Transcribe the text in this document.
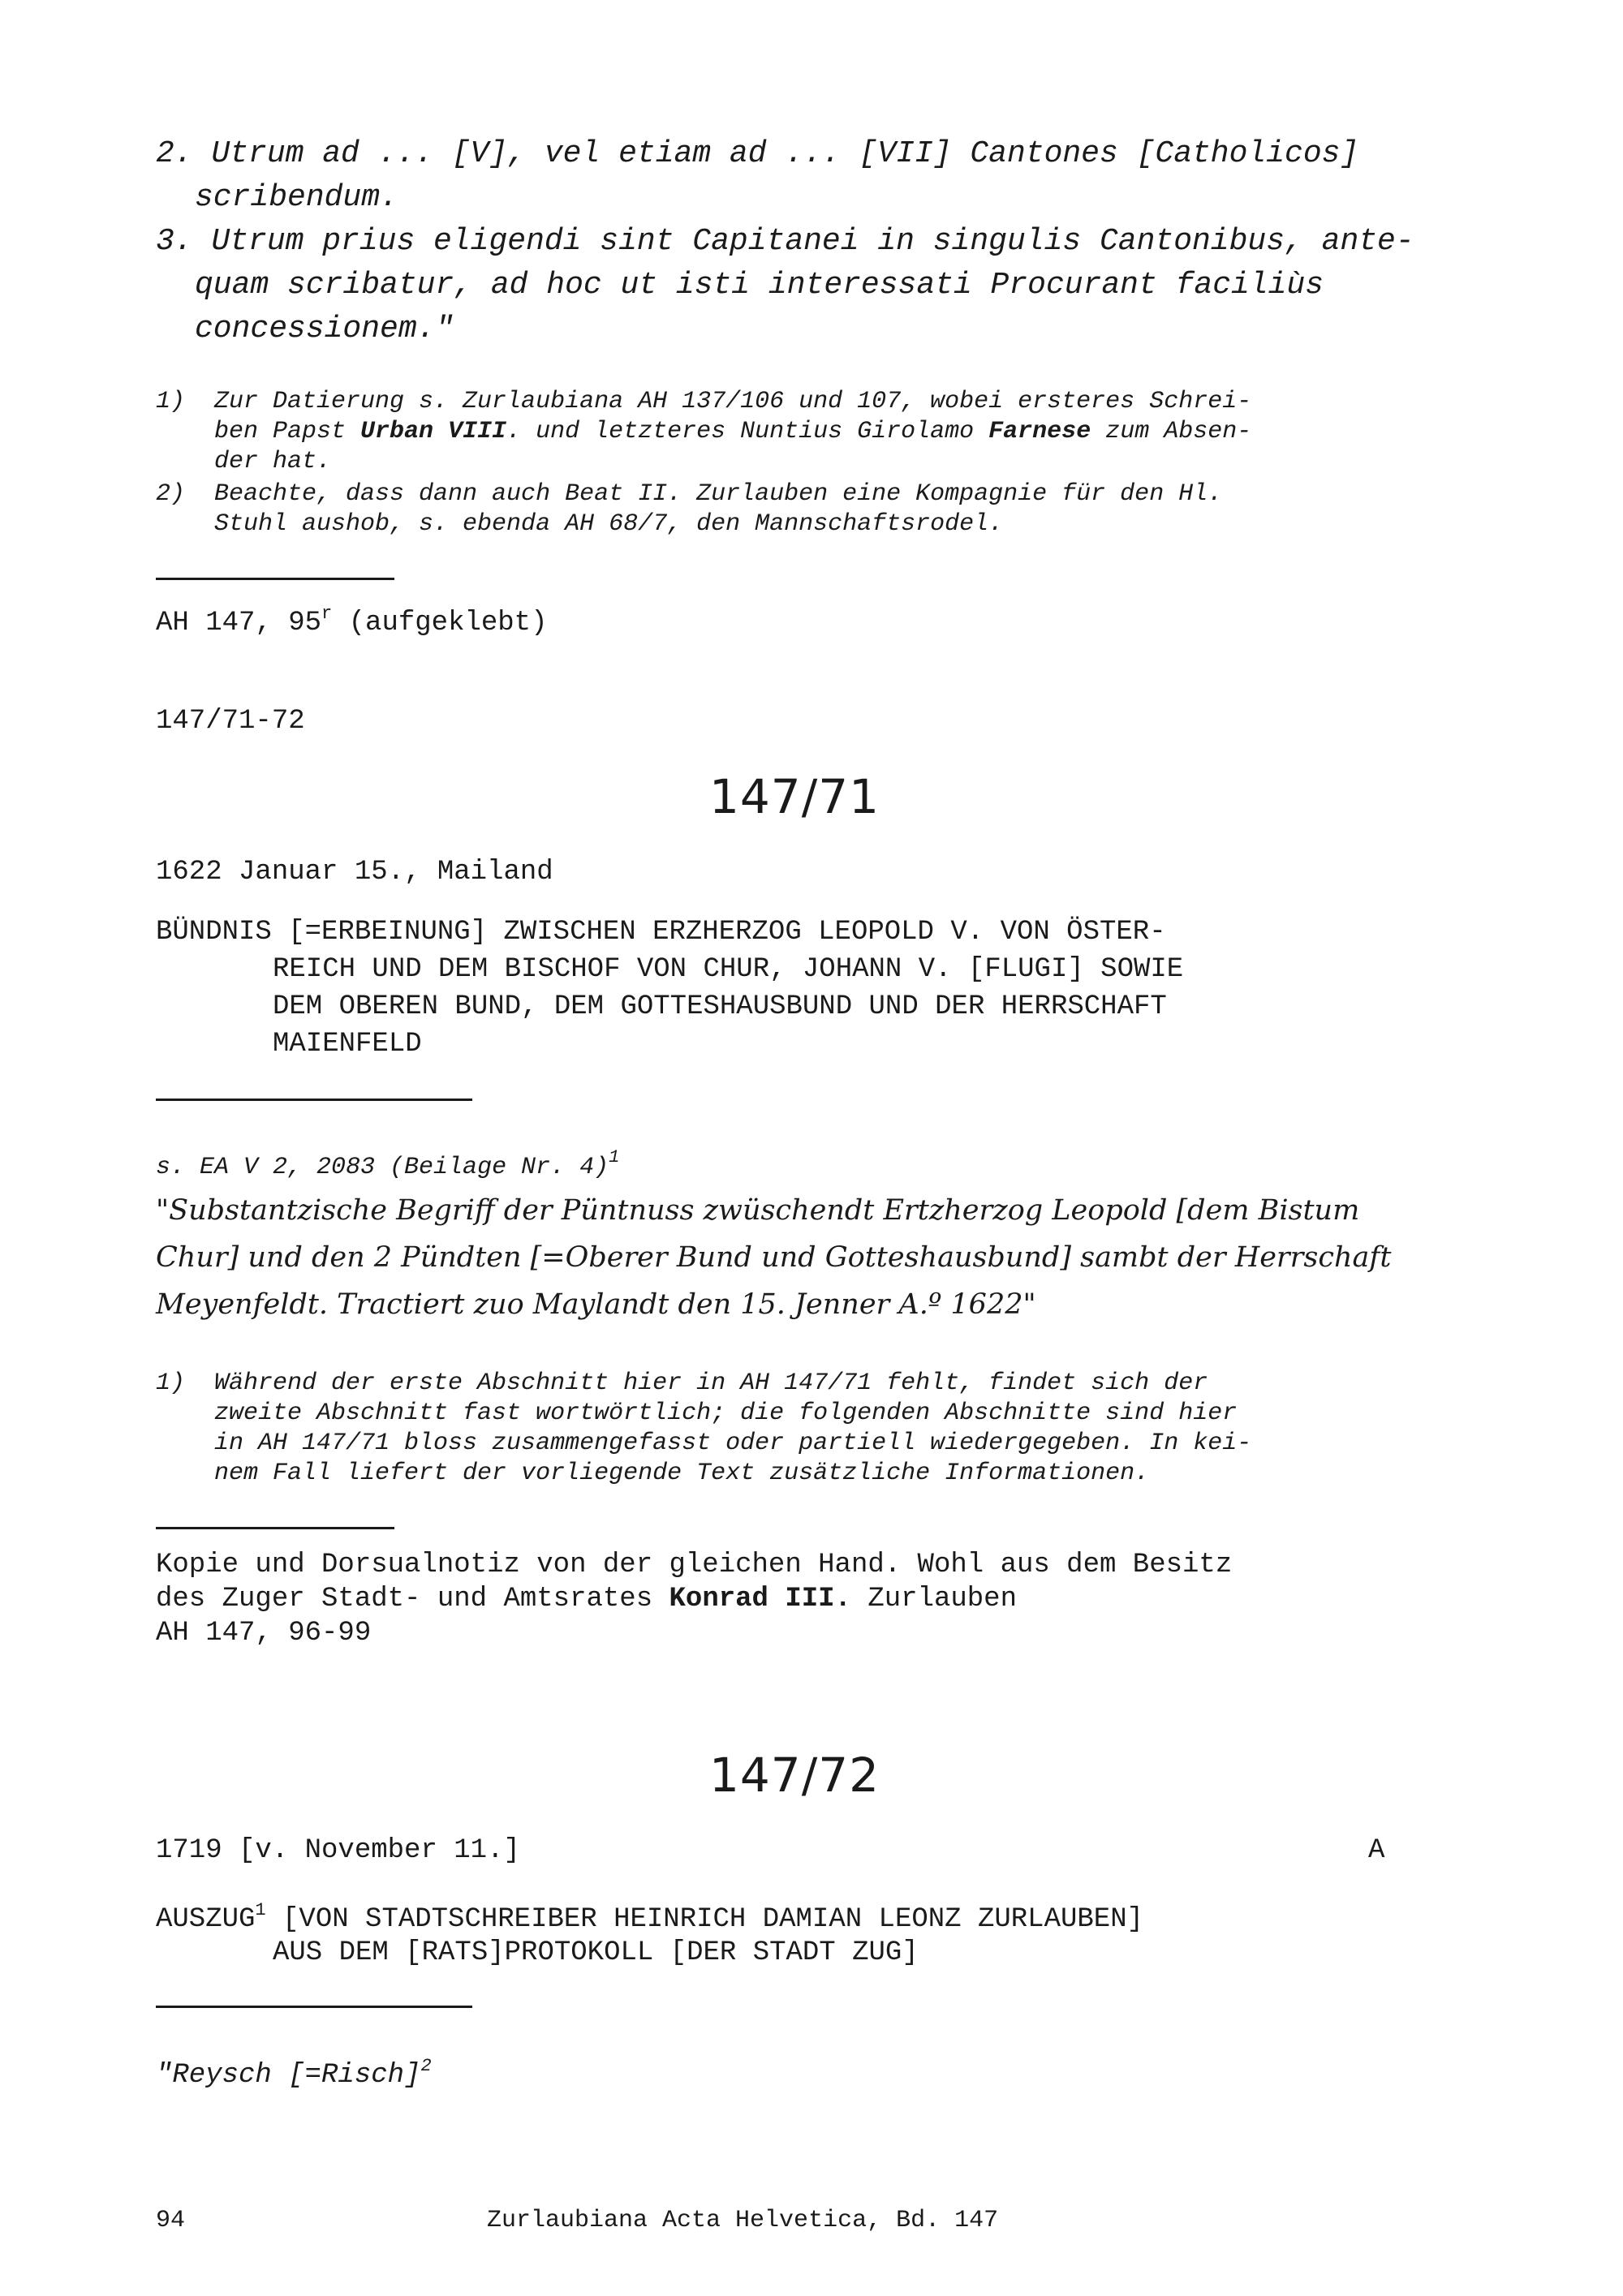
2. Utrum ad ... [V], vel etiam ad ... [VII] Cantones [Catholicos]
scribendum.
3. Utrum prius eligendi sint Capitanei in singulis Cantonibus, ante-
quam scribatur, ad hoc ut isti interessati Procurant faciliùs
concessionem."
1) Zur Datierung s. Zurlaubiana AH 137/106 und 107, wobei ersteres Schrei-
ben Papst Urban VIII. und letzteres Nuntius Girolamo Farnese zum Absen-
der hat.
2) Beachte, dass dann auch Beat II. Zurlauben eine Kompagnie für den Hl.
Stuhl aushob, s. ebenda AH 68/7, den Mannschaftsrodel.
AH 147, 95$^r$ (aufgeklebt)
147/71-72
147/71
1622 Januar 15., Mailand
BÜNDNIS [=ERBEINUNG] ZWISCHEN ERZHERZOG LEOPOLD V. VON ÖSTER-
REICH UND DEM BISCHOF VON CHUR, JOHANN V. [FLUGI] SOWIE
DEM OBEREN BUND, DEM GOTTESHAUSBUND UND DER HERRSCHAFT
MAIENFELD
s. EA V 2, 2083 (Beilage Nr. 4)$^1$
"Substantzische Begriff der Püntnuss zwüschendt Ertzherzog Leopold [dem Bistum
Chur] und den 2 Pündten [=Oberer Bund und Gotteshausbund] sambt der Herrschaft
Meyenfeldt. Tractiert zuo Maylandt den 15. Jenner A.º 1622"
1) Während der erste Abschnitt hier in AH 147/71 fehlt, findet sich der
zweite Abschnitt fast wortwörtlich; die folgenden Abschnitte sind hier
in AH 147/71 bloss zusammengefasst oder partiell wiedergegeben. In kei-
nem Fall liefert der vorliegende Text zusätzliche Informationen.
Kopie und Dorsualnotiz von der gleichen Hand. Wohl aus dem Besitz
des Zuger Stadt- und Amtsrates Konrad III. Zurlauben
AH 147, 96-99
147/72
1719 [v. November 11.]	A
AUSZUG$^1$ [VON STADTSCHREIBER HEINRICH DAMIAN LEONZ ZURLAUBEN]
AUS DEM [RATS]PROTOKOLL [DER STADT ZUG]
"Reysch [=Risch]$^2$
94	Zurlaubiana Acta Helvetica, Bd. 147
